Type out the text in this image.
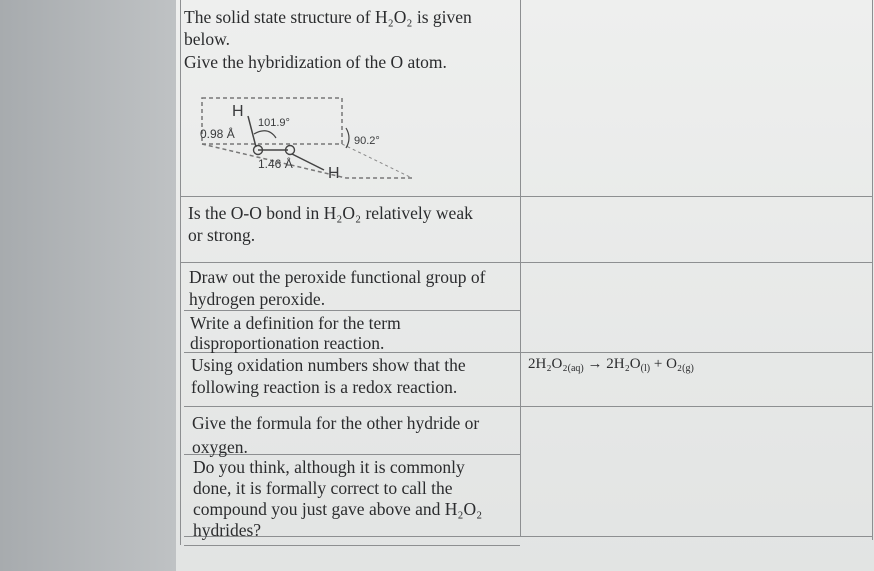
The solid state structure of H₂O₂ is given
below.
Give the hybridization of the O atom.
H
H
0.98 Å
101.9°
90.2°
1.46 Å
Is the O-O bond in H₂O₂ relatively weak
or strong.
Draw out the peroxide functional group of
hydrogen peroxide.
Write a definition for the term
disproportionation reaction.
Using oxidation numbers show that the
following reaction is a redox reaction.
$2H_2O_2_{(aq)} \to 2H_2O_{(l)} + O_2_{(g)}$
Give the formula for the other hydride or
oxygen.
Do you think, although it is commonly
done, it is formally correct to call the
compound you just gave above and H₂O₂
hydrides?
